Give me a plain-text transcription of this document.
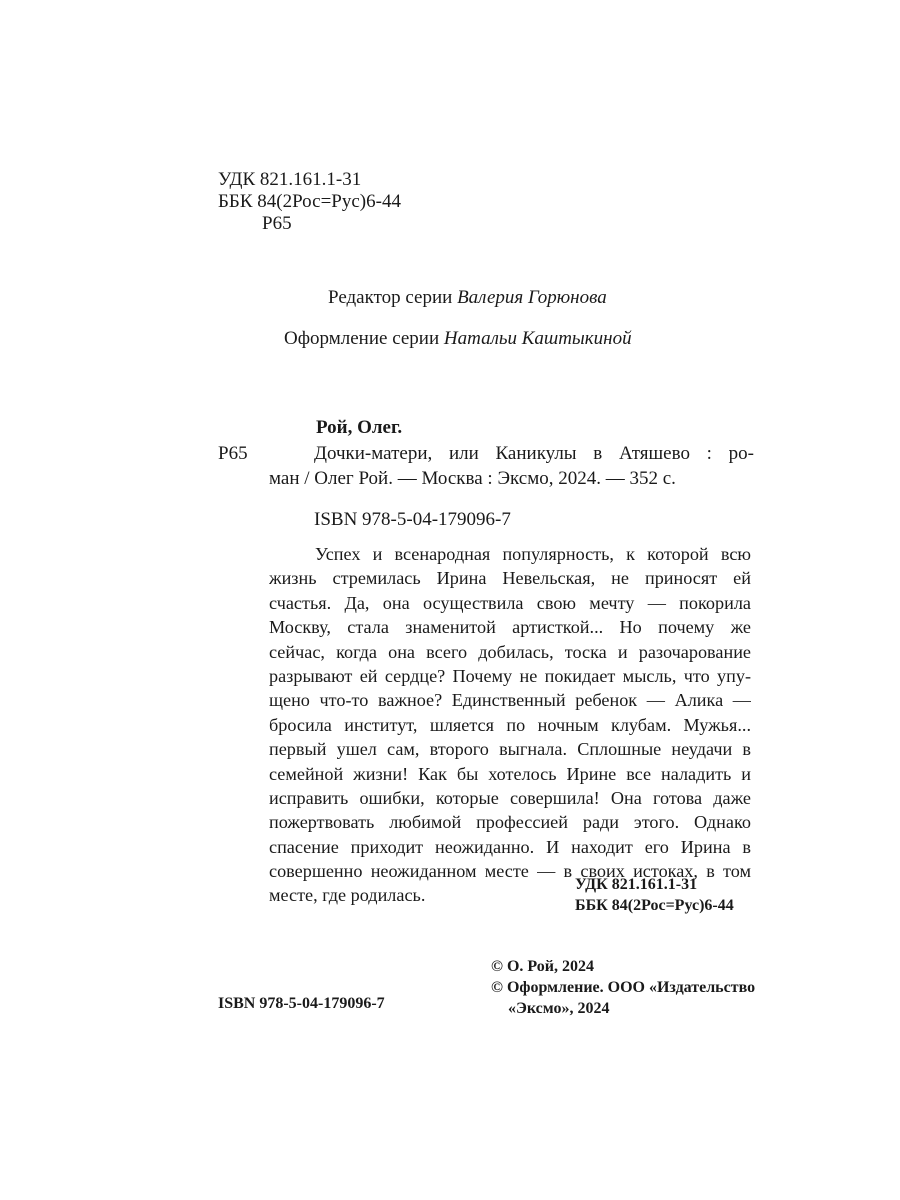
УДК 821.161.1-31

ББК 84(2Рос=Рус)6-44

Р65

Редактор серии Валерия Горюнова

Оформление серии Натальи Каштыкиной

Рой, Олег.

Р65	Дочки-матери, или Каникулы в Атяшево : ро-

ман / Олег Рой. — Москва : Эксмо, 2024. — 352 с.

ISBN 978-5-04-179096-7

Успех и всенародная популярность, к которой всю
жизнь стремилась Ирина Невельская, не приносят ей
счастья. Да, она осуществила свою мечту — покорила
Москву, стала знаменитой артисткой... Но почему же
сейчас, когда она всего добилась, тоска и разочарование
разрывают ей сердце? Почему не покидает мысль, что упу-
щено что-то важное? Единственный ребенок — Алика —
бросила институт, шляется по ночным клубам. Мужья...
первый ушел сам, второго выгнала. Сплошные неудачи в
семейной жизни! Как бы хотелось Ирине все наладить и
исправить ошибки, которые совершила! Она готова даже
пожертвовать любимой профессией ради этого. Однако
спасение приходит неожиданно. И находит его Ирина в
совершенно неожиданном месте — в своих истоках, в том
месте, где родилась.

УДК 821.161.1-31

ББК 84(2Рос=Рус)6-44

© О. Рой, 2024

© Оформление. ООО «Издательство

«Эксмо», 2024

ISBN 978-5-04-179096-7
